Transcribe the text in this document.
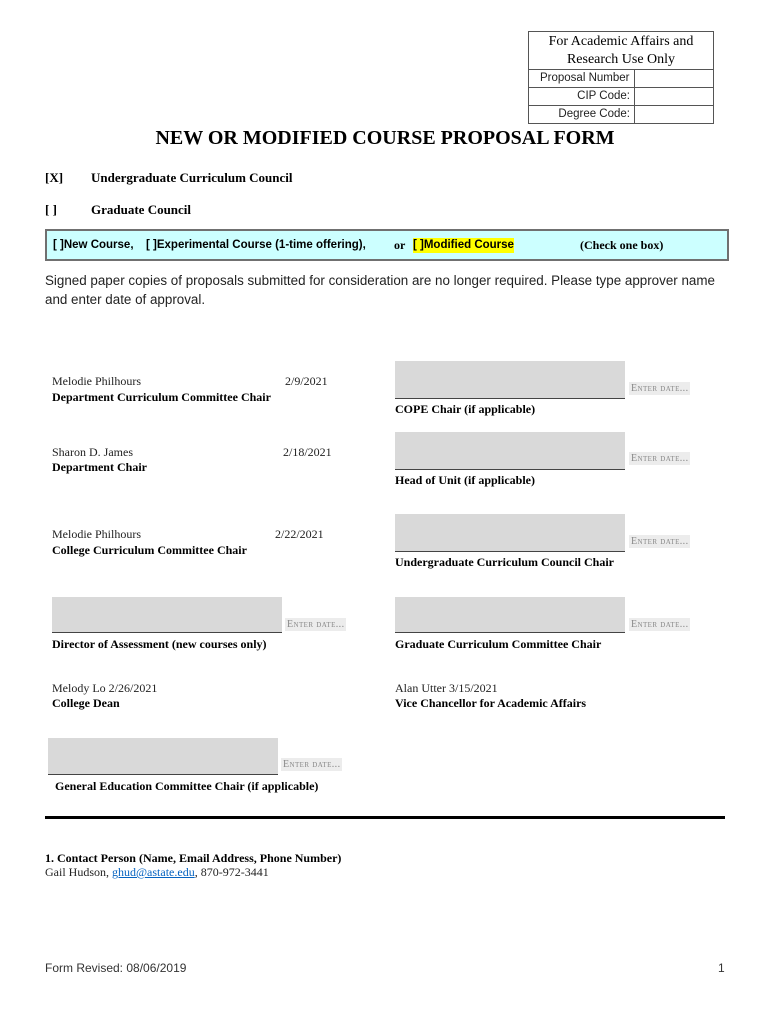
For Academic Affairs and Research Use Only
Proposal Number
CIP Code:
Degree Code:
NEW OR MODIFIED COURSE PROPOSAL FORM
[X] Undergraduate Curriculum Council
[ ]	Graduate Council
[ ]New Course, [ ]Experimental Course (1-time offering), or [ ]Modified Course	(Check one box)
Signed paper copies of proposals submitted for consideration are no longer required. Please type approver name and enter date of approval.
Melodie Philhours	2/9/2021
Department Curriculum Committee Chair
Sharon D. James	2/18/2021
Department Chair
Melodie Philhours	2/22/2021
College Curriculum Committee Chair
Enter date...
Director of Assessment (new courses only)
Melody Lo 2/26/2021
College Dean
Enter date...
General Education Committee Chair (if applicable)
Enter date...
COPE Chair (if applicable)
Enter date...
Head of Unit (if applicable)
Enter date...
Undergraduate Curriculum Council Chair
Enter date...
Graduate Curriculum Committee Chair
Alan Utter 3/15/2021
Vice Chancellor for Academic Affairs
1. Contact Person (Name, Email Address, Phone Number)
Gail Hudson, ghud@astate.edu, 870-972-3441
Form Revised: 08/06/2019	1
